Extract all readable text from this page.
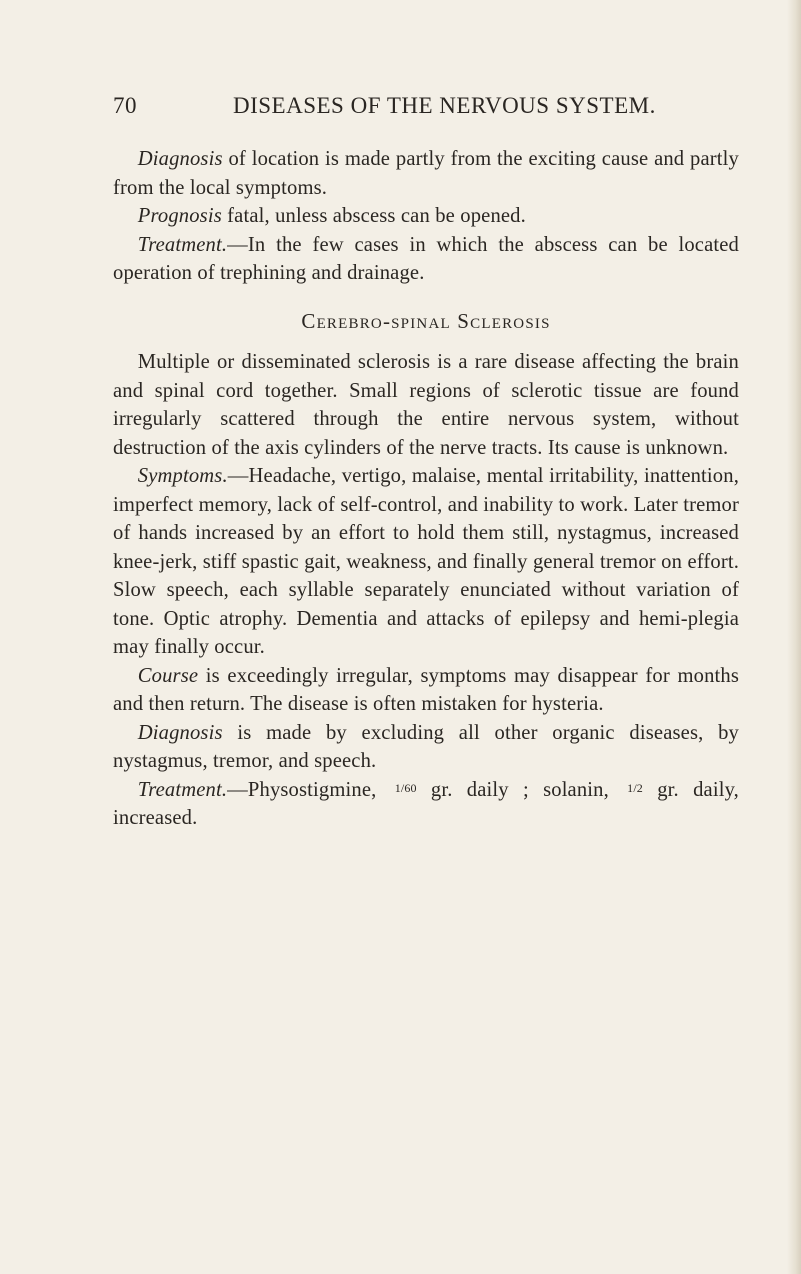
70	DISEASES OF THE NERVOUS SYSTEM.

 Diagnosis of location is made partly from the exciting cause and partly from the local symptoms.

 Prognosis fatal, unless abscess can be opened.

 Treatment.—In the few cases in which the abscess can be located operation of trephining and drainage.

Cerebro-spinal Sclerosis

 Multiple or disseminated sclerosis is a rare disease affecting the brain and spinal cord together. Small regions of sclerotic tissue are found irregularly scattered through the entire nervous system, without destruction of the axis cylinders of the nerve tracts. Its cause is unknown.

 Symptoms.—Headache, vertigo, malaise, mental irritability, inattention, imperfect memory, lack of self-control, and inability to work. Later tremor of hands increased by an effort to hold them still, nystagmus, increased knee-jerk, stiff spastic gait, weakness, and finally general tremor on effort. Slow speech, each syllable separately enunciated without variation of tone. Optic atrophy. Dementia and attacks of epilepsy and hemi-plegia may finally occur.

 Course is exceedingly irregular, symptoms may disappear for months and then return. The disease is often mistaken for hysteria.

 Diagnosis is made by excluding all other organic diseases, by nystagmus, tremor, and speech.

 Treatment.—Physostigmine, 1/60 gr. daily ; solanin, 1/2 gr. daily, increased.
